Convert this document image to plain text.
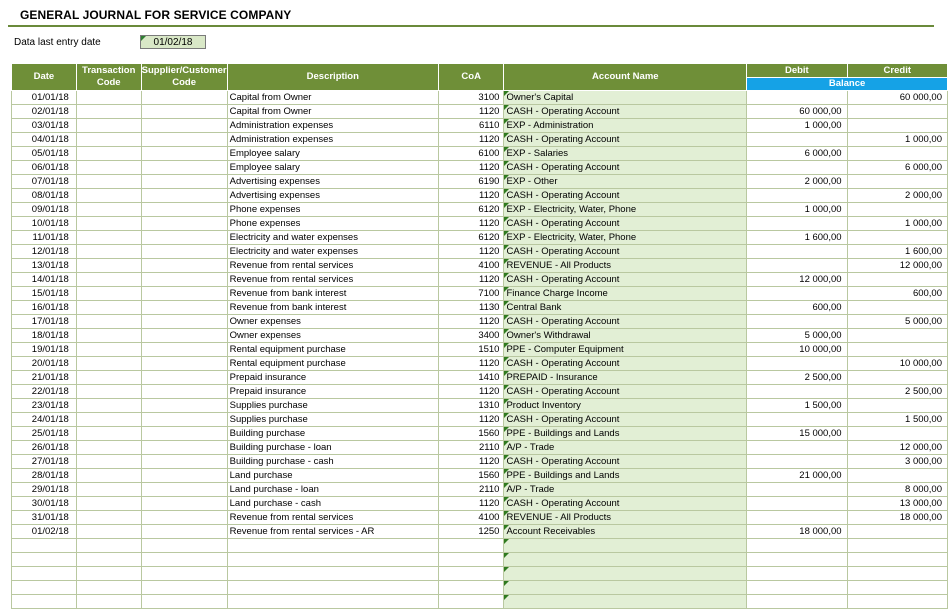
GENERAL JOURNAL FOR SERVICE COMPANY
Data last entry date	01/02/18
Date	Transaction Code	Supplier/Customer Code	Description	CoA	Account Name	Debit	Credit
						Balance	
01/01/18			Capital from Owner	3100	Owner's Capital		60 000,00
02/01/18			Capital from Owner	1120	CASH - Operating Account	60 000,00	
03/01/18			Administration expenses	6110	EXP - Administration	1 000,00	
04/01/18			Administration expenses	1120	CASH - Operating Account		1 000,00
05/01/18			Employee salary	6100	EXP - Salaries	6 000,00	
06/01/18			Employee salary	1120	CASH - Operating Account		6 000,00
07/01/18			Advertising expenses	6190	EXP - Other	2 000,00	
08/01/18			Advertising expenses	1120	CASH - Operating Account		2 000,00
09/01/18			Phone expenses	6120	EXP - Electricity, Water, Phone	1 000,00	
10/01/18			Phone expenses	1120	CASH - Operating Account		1 000,00
11/01/18			Electricity and water expenses	6120	EXP - Electricity, Water, Phone	1 600,00	
12/01/18			Electricity and water expenses	1120	CASH - Operating Account		1 600,00
13/01/18			Revenue from rental services	4100	REVENUE - All Products		12 000,00
14/01/18			Revenue from rental services	1120	CASH - Operating Account	12 000,00	
15/01/18			Revenue from bank interest	7100	Finance Charge Income		600,00
16/01/18			Revenue from bank interest	1130	Central Bank	600,00	
17/01/18			Owner expenses	1120	CASH - Operating Account		5 000,00
18/01/18			Owner expenses	3400	Owner's Withdrawal	5 000,00	
19/01/18			Rental equipment purchase	1510	PPE - Computer Equipment	10 000,00	
20/01/18			Rental equipment purchase	1120	CASH - Operating Account		10 000,00
21/01/18			Prepaid insurance	1410	PREPAID - Insurance	2 500,00	
22/01/18			Prepaid insurance	1120	CASH - Operating Account		2 500,00
23/01/18			Supplies purchase	1310	Product Inventory	1 500,00	
24/01/18			Supplies purchase	1120	CASH - Operating Account		1 500,00
25/01/18			Building purchase	1560	PPE - Buildings and Lands	15 000,00	
26/01/18			Building purchase - loan	2110	A/P - Trade		12 000,00
27/01/18			Building purchase - cash	1120	CASH - Operating Account		3 000,00
28/01/18			Land purchase	1560	PPE - Buildings and Lands	21 000,00	
29/01/18			Land purchase - loan	2110	A/P - Trade		8 000,00
30/01/18			Land purchase - cash	1120	CASH - Operating Account		13 000,00
31/01/18			Revenue from rental services	4100	REVENUE - All Products		18 000,00
01/02/18			Revenue from rental services - AR	1250	Account Receivables	18 000,00	
